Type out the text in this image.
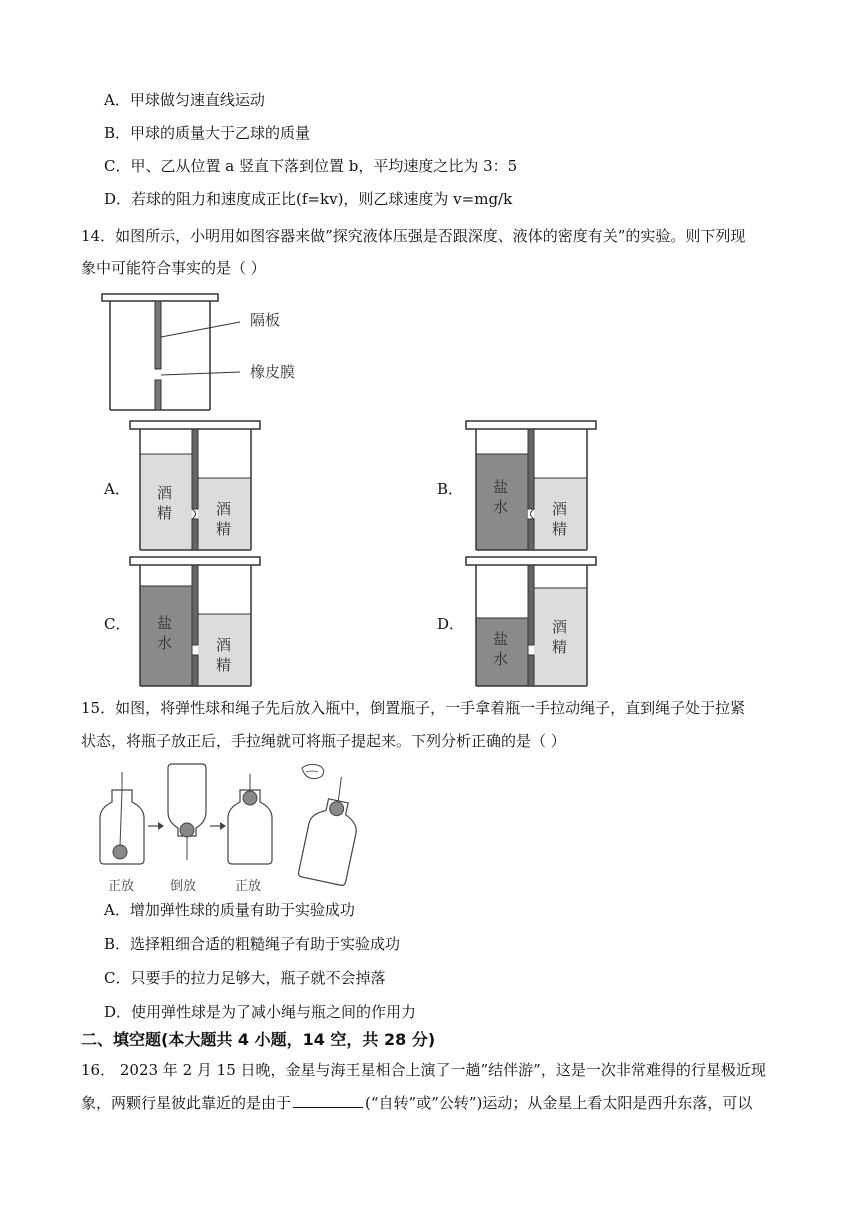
A．甲球做匀速直线运动
B．甲球的质量大于乙球的质量
C．甲、乙从位置 a 竖直下落到位置 b，平均速度之比为 3：5
D．若球的阻力和速度成正比(f=kv)，则乙球速度为 v=mg/k
14．如图所示，小明用如图容器来做”探究液体压强是否跟深度、液体的密度有关”的实验。则下列现
象中可能符合事实的是（ ）
隔板
橡皮膜
A．	B．
C．	D．
酒
精	酒
精
盐
水	酒
精
盐
水	酒
精
盐
水
酒
精
15．如图，将弹性球和绳子先后放入瓶中，倒置瓶子，一手拿着瓶一手拉动绳子，直到绳子处于拉紧
状态，将瓶子放正后，手拉绳就可将瓶子提起来。下列分析正确的是（ ）
正放	倒放	正放
A．增加弹性球的质量有助于实验成功
B．选择粗细合适的粗糙绳子有助于实验成功
C．只要手的拉力足够大，瓶子就不会掉落
D．使用弹性球是为了减小绳与瓶之间的作用力
二、填空题(本大题共 4 小题，14 空，共 28 分)
16． 2023 年 2 月 15 日晚，金星与海王星相合上演了一趟”结伴游”，这是一次非常难得的行星极近现
象，两颗行星彼此靠近的是由于	(“自转”或”公转”)运动；从金星上看太阳是西升东落，可以
